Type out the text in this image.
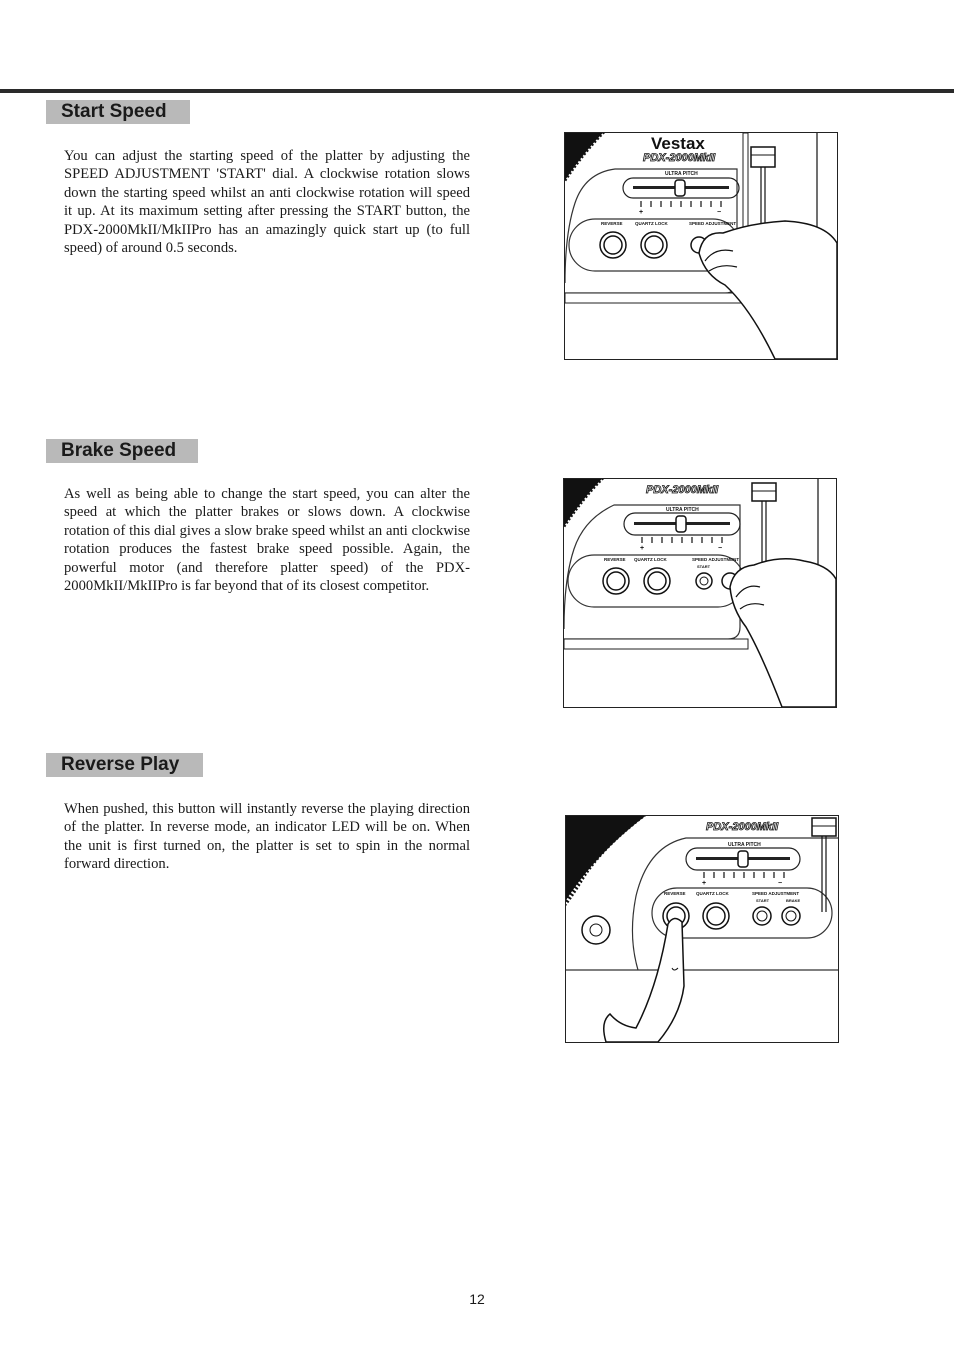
Start Speed
You can adjust the starting speed of the platter by adjusting the SPEED ADJUSTMENT 'START' dial. A clockwise rotation slows down the starting speed whilst an anti clockwise rotation will speed it up. At its maximum setting after pressing the START button, the PDX-2000MkII/MkIIPro has an amazingly quick start up (to full speed) of around 0.5 seconds.
Vestax
PDX-2000MkII
ULTRA PITCH
+	−
REVERSE	QUARTZ LOCK	SPEED ADJUSTMENT
Brake Speed
As well as being able to change the start speed, you can alter the speed at which the platter brakes or slows down. A clockwise rotation of this dial gives a slow brake speed whilst an anti clockwise rotation produces the fastest brake speed possible. Again, the powerful motor (and therefore platter speed) of the PDX-2000MkII/MkIIPro is far beyond that of its closest competitor.
PDX-2000MkII
ULTRA PITCH
+	−
REVERSE QUARTZ LOCK	SPEED ADJUSTMENT
START
Reverse Play
When pushed, this button will instantly reverse the playing direction of the platter. In reverse mode, an indicator LED will be on. When the unit is first turned on, the platter is set to spin in the normal forward direction.
PDX-2000MkII
ULTRA PITCH
+	−
REVERSE QUARTZ LOCK	SPEED ADJUSTMENT
START	BRAKE
12
